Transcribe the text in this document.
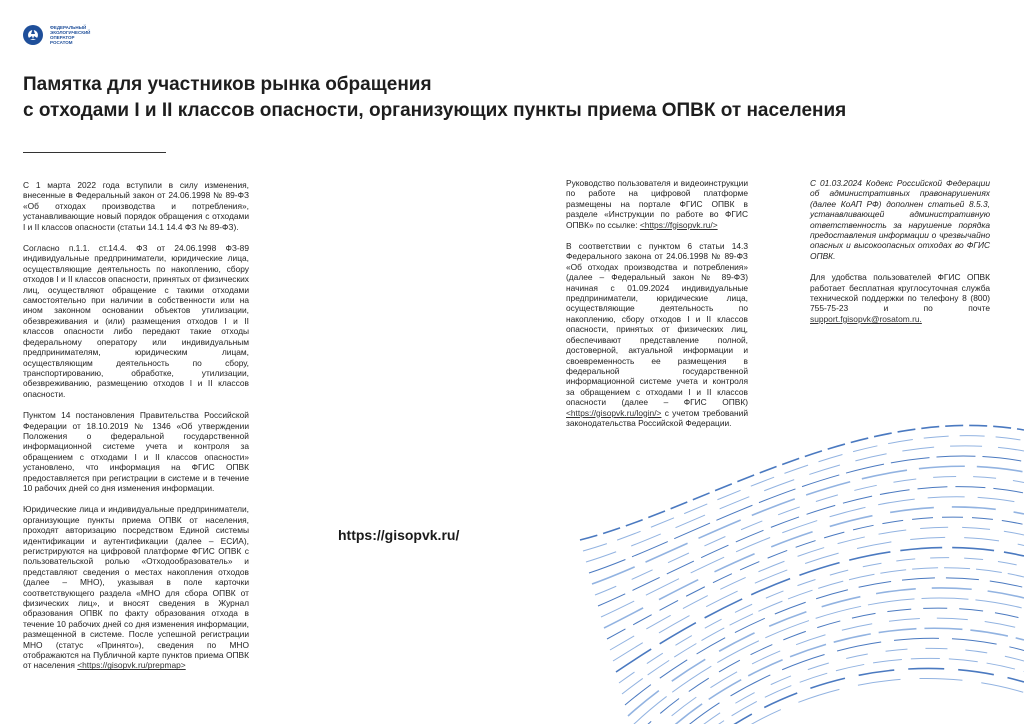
ФЕДЕРАЛЬНЫЙ
ЭКОЛОГИЧЕСКИЙ
ОПЕРАТОР
РОСАТОМ
Памятка для участников рынка обращения
с отходами I и II классов опасности, организующих пункты приема ОПВК от населения

С 1 марта 2022 года вступили в силу изменения, внесенные в Федеральный закон от 24.06.1998 № 89-ФЗ «Об отходах производства и потребления», устанавливающие новый порядок обращения с отходами I и II классов опасности (статьи 14.1 14.4 ФЗ № 89-ФЗ).

Согласно п.1.1. ст.14.4. ФЗ от 24.06.1998 ФЗ-89 индивидуальные предприниматели, юридические лица, осуществляющие деятельность по накоплению, сбору отходов I и II классов опасности, принятых от физических лиц, осуществляют обращение с такими отходами самостоятельно при наличии в собственности или на ином законном основании объектов утилизации, обезвреживания и (или) размещения отходов I и II классов опасности либо передают такие отходы федеральному оператору или индивидуальным предпринимателям, юридическим лицам, осуществляющим деятельность по сбору, транспортированию, обработке, утилизации, обезвреживанию, размещению отходов I и II классов опасности.

Пунктом 14 постановления Правительства Российской Федерации от 18.10.2019 № 1346 «Об утверждении Положения о федеральной государственной информационной системе учета и контроля за обращением с отходами I и II классов опасности» установлено, что информация на ФГИС ОПВК предоставляется при регистрации в системе и в течение 10 рабочих дней со дня изменения информации.

Юридические лица и индивидуальные предприниматели, организующие пункты приема ОПВК от населения, проходят авторизацию посредством Единой системы идентификации и аутентификации (далее – ЕСИА), регистрируются на цифровой платформе ФГИС ОПВК с пользовательской ролью «Отходообразователь» и представляют сведения о местах накопления отходов (далее – МНО), указывая в поле карточки соответствующего раздела «МНО для сбора ОПВК от физических лиц», и вносят сведения в Журнал образования ОПВК по факту образования отхода в течение 10 рабочих дней со дня изменения информации, размещенной в системе. После успешной регистрации МНО (статус «Принято»), сведения по МНО отображаются на Публичной карте пунктов приема ОПВК от населения <https://gisopvk.ru/prepmap>

https://gisopvk.ru/

Руководство пользователя и видеоинструкции по работе на цифровой платформе размещены на портале ФГИС ОПВК в разделе «Инструкции по работе во ФГИС ОПВК» по ссылке: <https://fgisopvk.ru/>

В соответствии с пунктом 6 статьи 14.3 Федерального закона от 24.06.1998 № 89-ФЗ «Об отходах производства и потребления» (далее – Федеральный закон № 89-ФЗ) начиная с 01.09.2024 индивидуальные предприниматели, юридические лица, осуществляющие деятельность по накоплению, сбору отходов I и II классов опасности, принятых от физических лиц, обеспечивают представление полной, достоверной, актуальной информации и своевременность ее размещения в федеральной государственной информационной системе учета и контроля за обращением с отходами I и II классов опасности (далее – ФГИС ОПВК) <https://gisopvk.ru/login/> с учетом требований законодательства Российской Федерации.

С 01.03.2024 Кодекс Российской Федерации об административных правонарушениях (далее КоАП РФ) дополнен статьей 8.5.3, устанавливающей административную ответственность за нарушение порядка предоставления информации о чрезвычайно опасных и высокоопасных отходах во ФГИС ОПВК.

Для удобства пользователей ФГИС ОПВК работает бесплатная круглосуточная служба технической поддержки по телефону 8 (800) 755-75-23 и по почте support.fgisopvk@rosatom.ru.
